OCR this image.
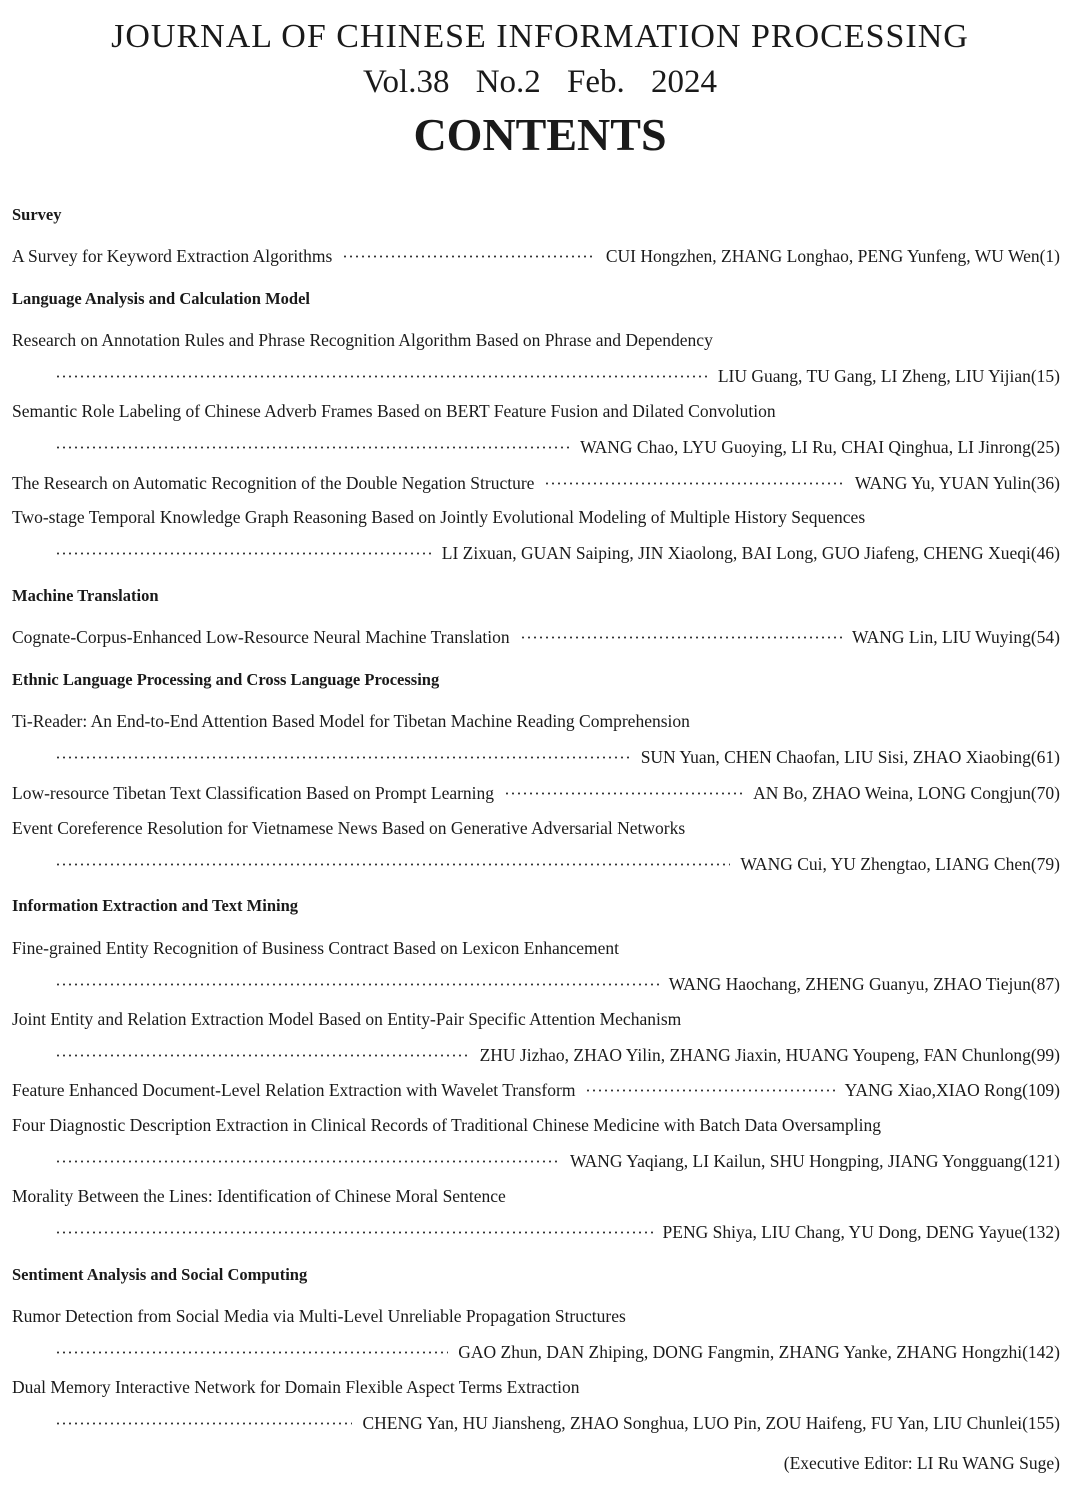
JOURNAL OF CHINESE INFORMATION PROCESSING
Vol.38 No.2 Feb. 2024
CONTENTS
Survey
A Survey for Keyword Extraction Algorithms	CUI Hongzhen, ZHANG Longhao, PENG Yunfeng, WU Wen(1)
Language Analysis and Calculation Model
Research on Annotation Rules and Phrase Recognition Algorithm Based on Phrase and Dependency
LIU Guang, TU Gang, LI Zheng, LIU Yijian(15)
Semantic Role Labeling of Chinese Adverb Frames Based on BERT Feature Fusion and Dilated Convolution
WANG Chao, LYU Guoying, LI Ru, CHAI Qinghua, LI Jinrong(25)
The Research on Automatic Recognition of the Double Negation Structure	WANG Yu, YUAN Yulin(36)
Two-stage Temporal Knowledge Graph Reasoning Based on Jointly Evolutional Modeling of Multiple History Sequences
LI Zixuan, GUAN Saiping, JIN Xiaolong, BAI Long, GUO Jiafeng, CHENG Xueqi(46)
Machine Translation
Cognate-Corpus-Enhanced Low-Resource Neural Machine Translation	WANG Lin, LIU Wuying(54)
Ethnic Language Processing and Cross Language Processing
Ti-Reader: An End-to-End Attention Based Model for Tibetan Machine Reading Comprehension
SUN Yuan, CHEN Chaofan, LIU Sisi, ZHAO Xiaobing(61)
Low-resource Tibetan Text Classification Based on Prompt Learning	AN Bo, ZHAO Weina, LONG Congjun(70)
Event Coreference Resolution for Vietnamese News Based on Generative Adversarial Networks
WANG Cui, YU Zhengtao, LIANG Chen(79)
Information Extraction and Text Mining
Fine-grained Entity Recognition of Business Contract Based on Lexicon Enhancement
WANG Haochang, ZHENG Guanyu, ZHAO Tiejun(87)
Joint Entity and Relation Extraction Model Based on Entity-Pair Specific Attention Mechanism
ZHU Jizhao, ZHAO Yilin, ZHANG Jiaxin, HUANG Youpeng, FAN Chunlong(99)
Feature Enhanced Document-Level Relation Extraction with Wavelet Transform	YANG Xiao,XIAO Rong(109)
Four Diagnostic Description Extraction in Clinical Records of Traditional Chinese Medicine with Batch Data Oversampling
WANG Yaqiang, LI Kailun, SHU Hongping, JIANG Yongguang(121)
Morality Between the Lines: Identification of Chinese Moral Sentence
PENG Shiya, LIU Chang, YU Dong, DENG Yayue(132)
Sentiment Analysis and Social Computing
Rumor Detection from Social Media via Multi-Level Unreliable Propagation Structures
GAO Zhun, DAN Zhiping, DONG Fangmin, ZHANG Yanke, ZHANG Hongzhi(142)
Dual Memory Interactive Network for Domain Flexible Aspect Terms Extraction
CHENG Yan, HU Jiansheng, ZHAO Songhua, LUO Pin, ZOU Haifeng, FU Yan, LIU Chunlei(155)
(Executive Editor: LI Ru WANG Suge)
